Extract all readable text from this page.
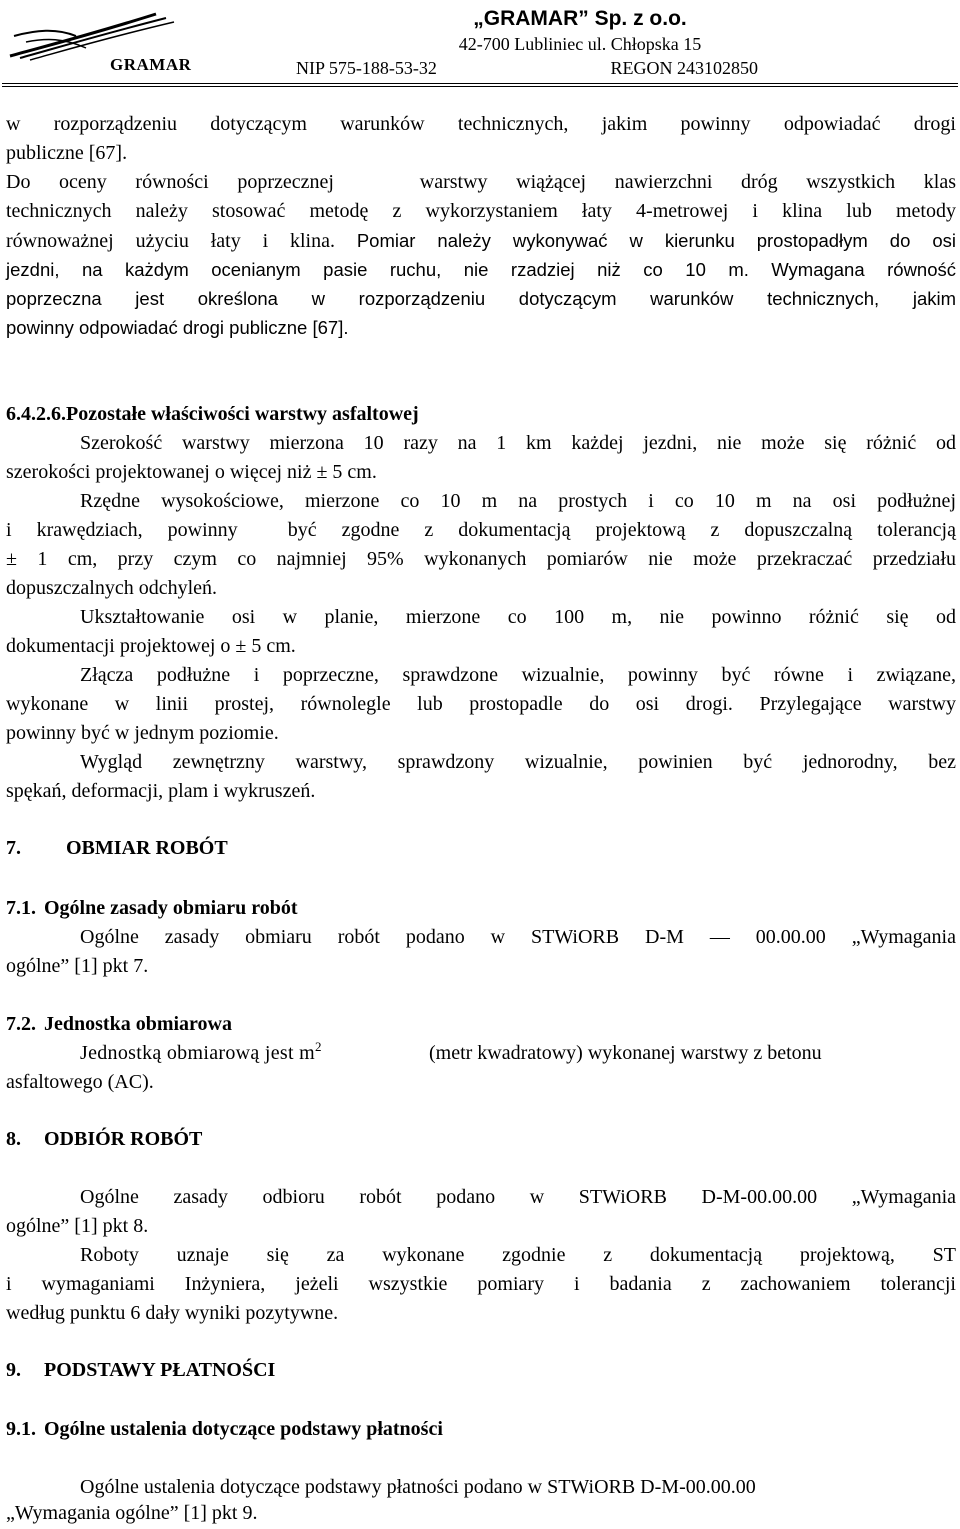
GRAMAR
„GRAMAR” Sp. z o.o.
42-700 Lubliniec ul. Chłopska 15
NIP 575-188-53-32	REGON 243102850
w rozporządzeniu dotyczącym warunków technicznych, jakim powinny odpowiadać drogi
publiczne [67].
Do oceny równości poprzecznej   warstwy wiążącej nawierzchni dróg wszystkich klas
technicznych należy stosować metodę z wykorzystaniem łaty 4-metrowej i klina lub metody
równoważnej użyciu łaty i klina. Pomiar należy wykonywać w kierunku prostopadłym do osi
jezdni, na każdym ocenianym pasie ruchu, nie rzadziej niż co 10 m. Wymagana równość
poprzeczna jest określona w rozporządzeniu dotyczącym warunków technicznych, jakim
powinny odpowiadać drogi publiczne [67].
6.4.2.6.Pozostałe właściwości warstwy asfaltowej
Szerokość warstwy mierzona 10 razy na 1 km każdej jezdni, nie może się różnić od
szerokości projektowanej o więcej niż ± 5 cm.
Rzędne wysokościowe, mierzone co 10 m na prostych i co 10 m na osi podłużnej
i krawędziach, powinny  być zgodne z dokumentacją projektową z dopuszczalną tolerancją
± 1 cm, przy czym co najmniej 95% wykonanych pomiarów nie może przekraczać przedziału
dopuszczalnych odchyleń.
Ukształtowanie osi w planie, mierzone co 100 m, nie powinno różnić się od
dokumentacji projektowej o ± 5 cm.
Złącza podłużne i poprzeczne, sprawdzone wizualnie, powinny być równe i związane,
wykonane w linii prostej, równolegle lub prostopadle do osi drogi. Przylegające warstwy
powinny być w jednym poziomie.
Wygląd zewnętrzny warstwy, sprawdzony wizualnie, powinien być jednorodny, bez
spękań, deformacji, plam i wykruszeń.
7. OBMIAR ROBÓT
7.1. Ogólne zasady obmiaru robót
Ogólne zasady obmiaru robót podano w STWiORB D-M — 00.00.00 „Wymagania
ogólne” [1] pkt 7.
7.2. Jednostka obmiarowa
Jednostką obmiarową jest $m^2$	(metr kwadratowy) wykonanej warstwy z betonu
asfaltowego (AC).
8. ODBIÓR ROBÓT
Ogólne zasady odbioru robót podano w STWiORB D-M-00.00.00 „Wymagania
ogólne” [1] pkt 8.
Roboty uznaje się za wykonane zgodnie z dokumentacją projektową, ST
i wymaganiami Inżyniera, jeżeli wszystkie pomiary i badania z zachowaniem tolerancji
według punktu 6 dały wyniki pozytywne.
9. PODSTAWY PŁATNOŚCI
9.1. Ogólne ustalenia dotyczące podstawy płatności
Ogólne ustalenia dotyczące podstawy płatności podano w STWiORB D-M-00.00.00
„Wymagania ogólne” [1] pkt 9.
